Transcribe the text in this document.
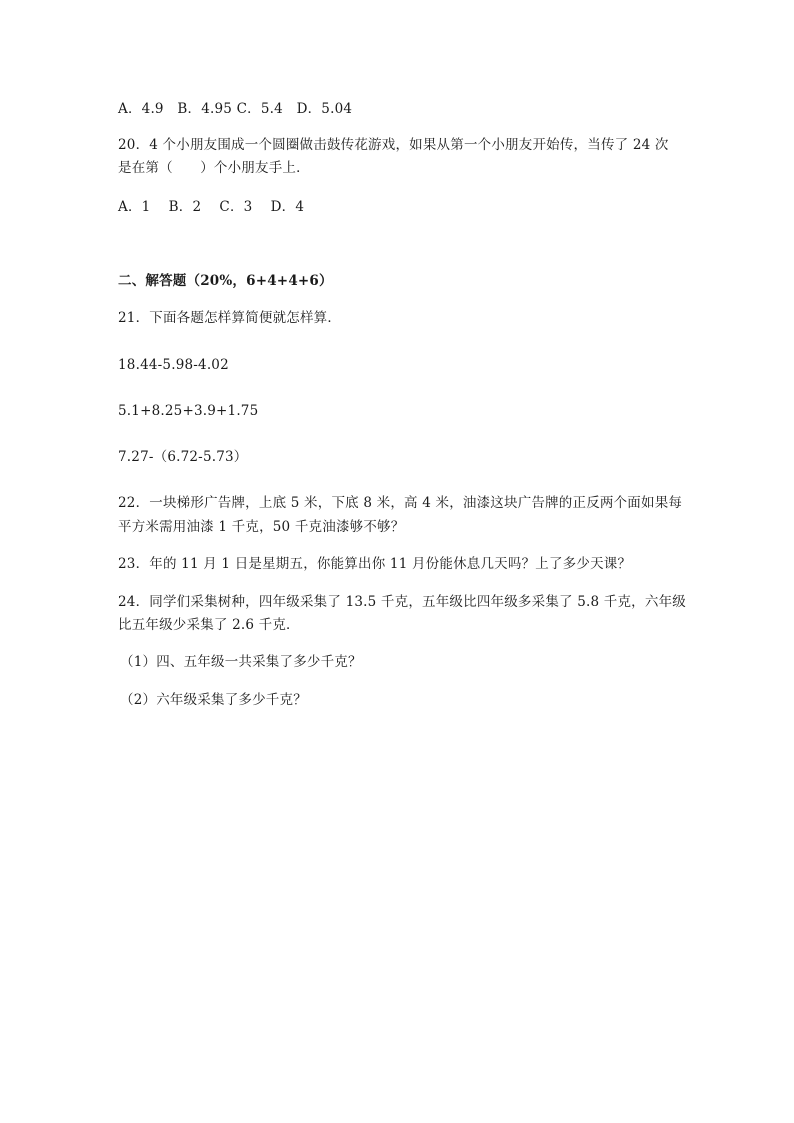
A．4.9　B．4.95 C．5.4　D．5.04
20．4 个小朋友围成一个圆圈做击鼓传花游戏，如果从第一个小朋友开始传，当传了 24 次
是在第（　　）个小朋友手上．
A．1　 B．2　 C．3　 D．4
二、解答题（20%，6+4+4+6）
21．下面各题怎样算简便就怎样算．
18.44-5.98-4.02
5.1+8.25+3.9+1.75
7.27-（6.72-5.73）
22．一块梯形广告牌，上底 5 米，下底 8 米，高 4 米，油漆这块广告牌的正反两个面如果每
平方米需用油漆 1 千克，50 千克油漆够不够？
23．年的 11 月 1 日是星期五，你能算出你 11 月份能休息几天吗？上了多少天课？
24．同学们采集树种，四年级采集了 13.5 千克，五年级比四年级多采集了 5.8 千克，六年级
比五年级少采集了 2.6 千克．
（1）四、五年级一共采集了多少千克？
（2）六年级采集了多少千克？
